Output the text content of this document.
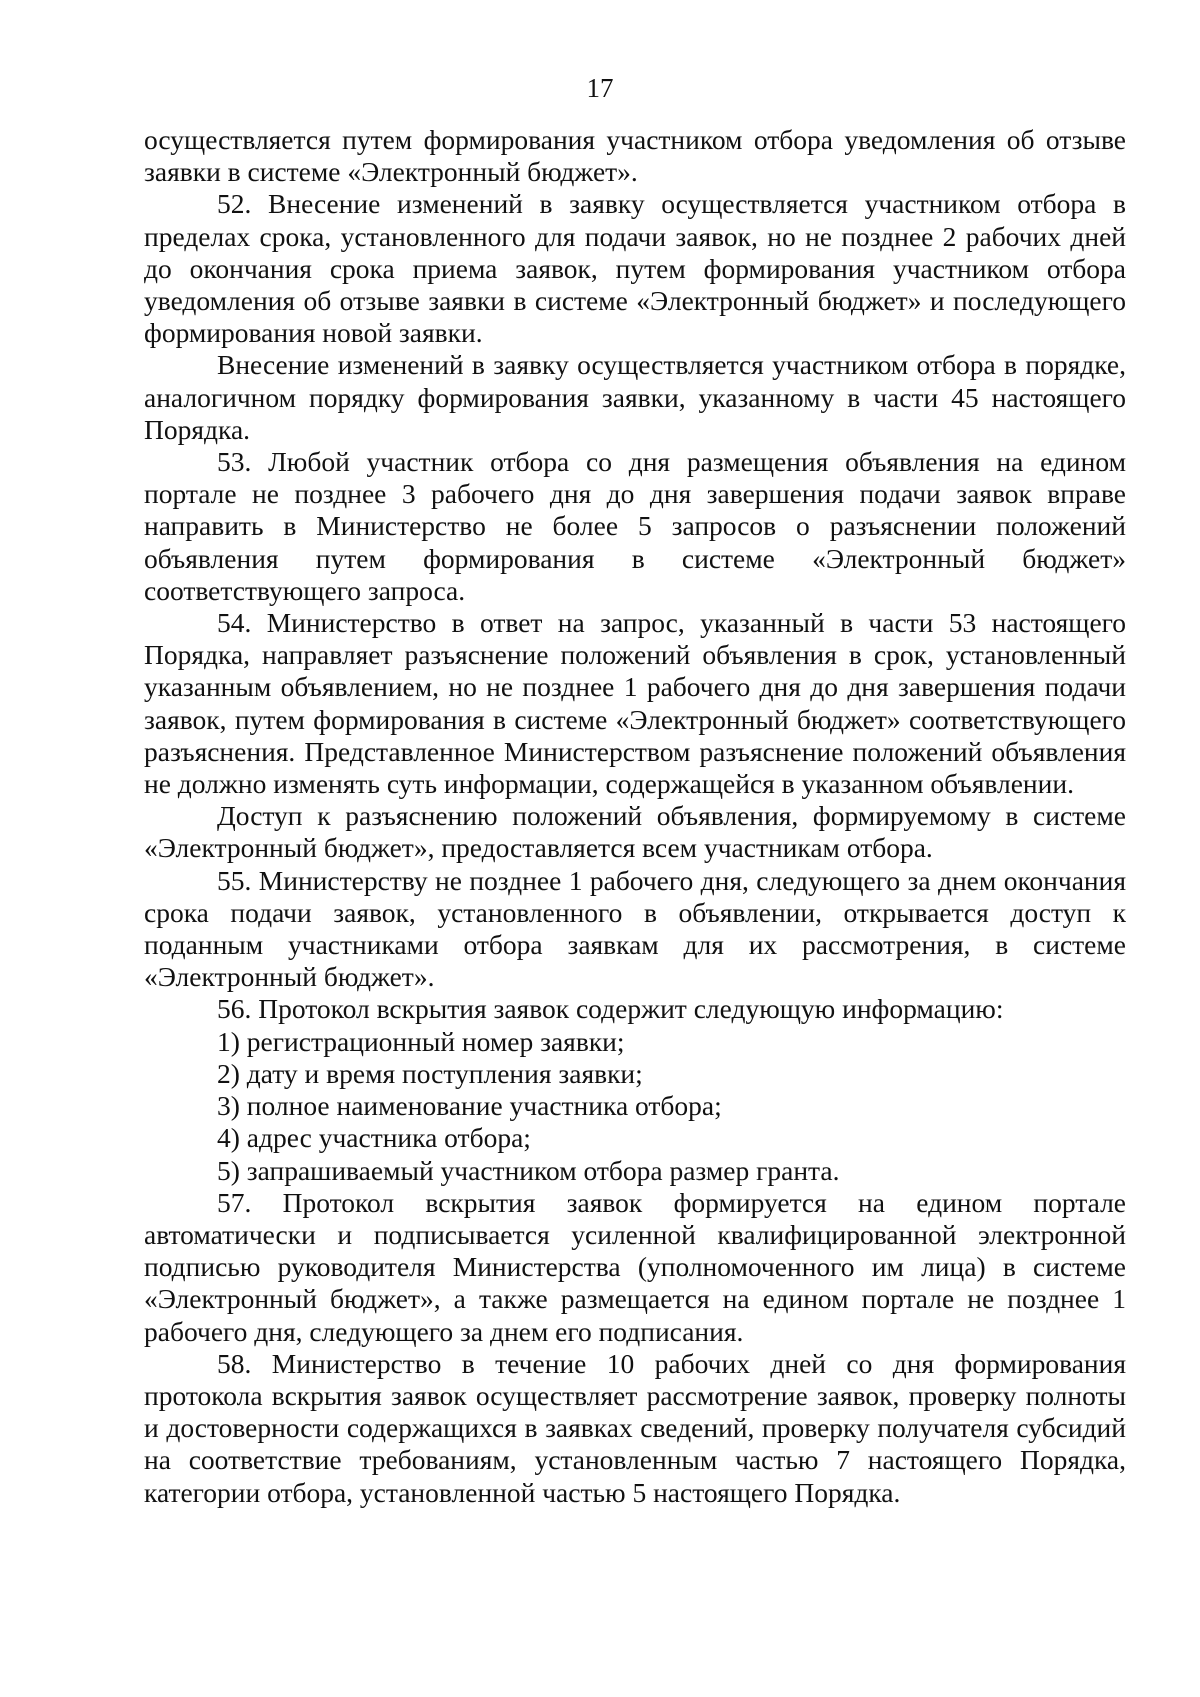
17

осуществляется путем формирования участником отбора уведомления об отзыве заявки в системе «Электронный бюджет».

52. Внесение изменений в заявку осуществляется участником отбора в пределах срока, установленного для подачи заявок, но не позднее 2 рабочих дней до окончания срока приема заявок, путем формирования участником отбора уведомления об отзыве заявки в системе «Электронный бюджет» и последующего формирования новой заявки.

Внесение изменений в заявку осуществляется участником отбора в порядке, аналогичном порядку формирования заявки, указанному в части 45 настоящего Порядка.

53. Любой участник отбора со дня размещения объявления на едином портале не позднее 3 рабочего дня до дня завершения подачи заявок вправе направить в Министерство не более 5 запросов о разъяснении положений объявления путем формирования в системе «Электронный бюджет» соответствующего запроса.

54. Министерство в ответ на запрос, указанный в части 53 настоящего Порядка, направляет разъяснение положений объявления в срок, установленный указанным объявлением, но не позднее 1 рабочего дня до дня завершения подачи заявок, путем формирования в системе «Электронный бюджет» соответствующего разъяснения. Представленное Министерством разъяснение положений объявления не должно изменять суть информации, содержащейся в указанном объявлении.

Доступ к разъяснению положений объявления, формируемому в системе «Электронный бюджет», предоставляется всем участникам отбора.

55. Министерству не позднее 1 рабочего дня, следующего за днем окончания срока подачи заявок, установленного в объявлении, открывается доступ к поданным участниками отбора заявкам для их рассмотрения, в системе «Электронный бюджет».

56. Протокол вскрытия заявок содержит следующую информацию:

1) регистрационный номер заявки;

2) дату и время поступления заявки;

3) полное наименование участника отбора;

4) адрес участника отбора;

5) запрашиваемый участником отбора размер гранта.

57. Протокол вскрытия заявок формируется на едином портале автоматически и подписывается усиленной квалифицированной электронной подписью руководителя Министерства (уполномоченного им лица) в системе «Электронный бюджет», а также размещается на едином портале не позднее 1 рабочего дня, следующего за днем его подписания.

58. Министерство в течение 10 рабочих дней со дня формирования протокола вскрытия заявок осуществляет рассмотрение заявок, проверку полноты и достоверности содержащихся в заявках сведений, проверку получателя субсидий на соответствие требованиям, установленным частью 7 настоящего Порядка, категории отбора, установленной частью 5 настоящего Порядка.
